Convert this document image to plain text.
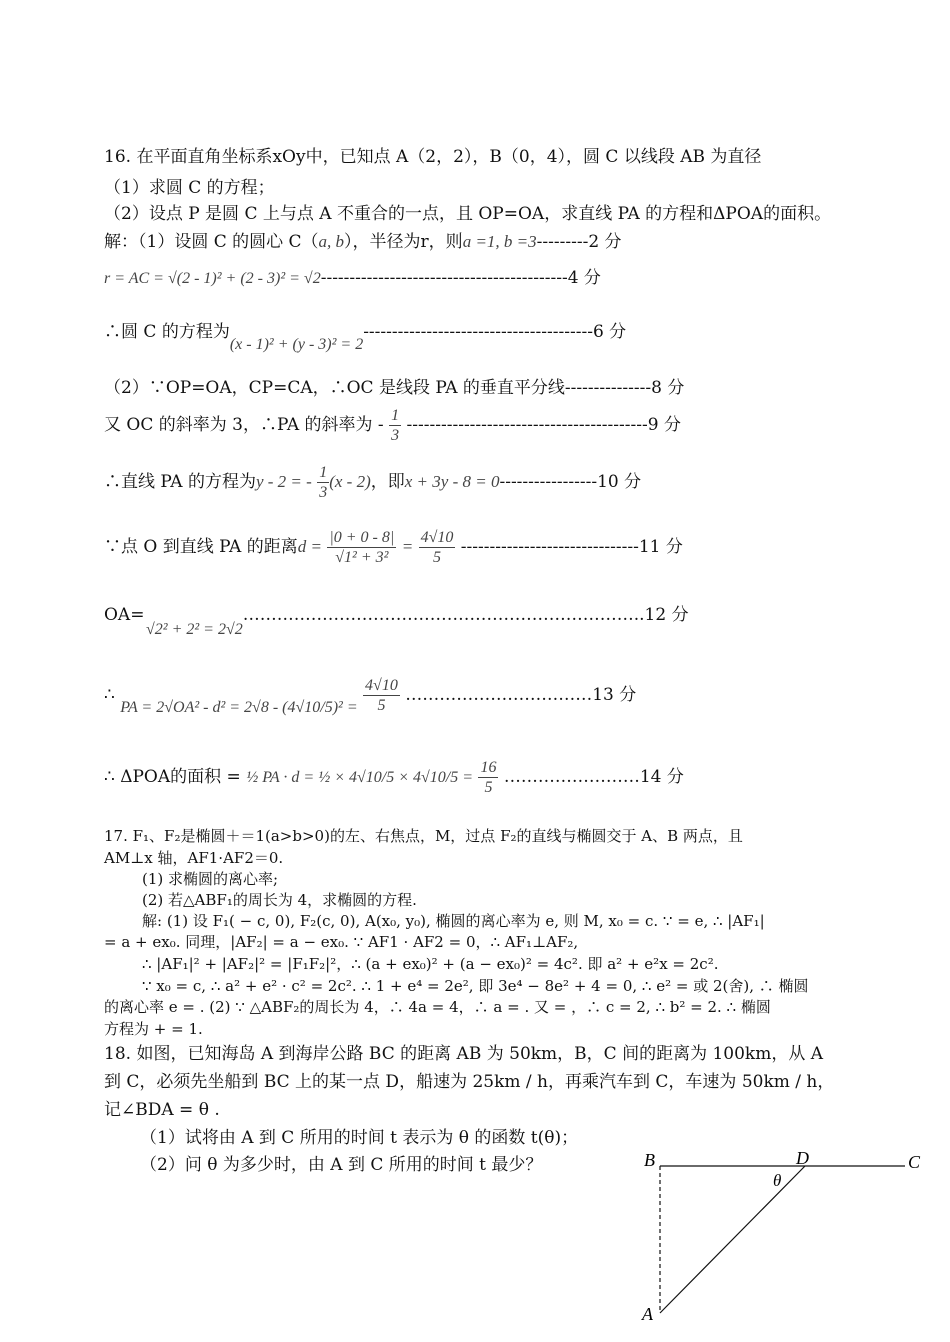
16. 在平面直角坐标系xOy中，已知点 A（2，2），B（0，4），圆 C 以线段 AB 为直径
（1）求圆 C 的方程；
（2）设点 P 是圆 C 上与点 A 不重合的一点，且 OP=OA，求直线 PA 的方程和ΔPOA的面积。
解：（1）设圆 C 的圆心 C（a, b），半径为r，则a =1, b =3---------2 分
r = AC = √(2 - 1)² + (2 - 3)² = √2-------------------------------------------4 分
∴圆 C 的方程为(x - 1)² + (y - 3)² = 2----------------------------------------6 分
（2）∵OP=OA，CP=CA，∴OC 是线段 PA 的垂直平分线---------------8 分
又 OC 的斜率为 3，∴PA 的斜率为 - $\frac{1}{3} ------------------------------------------9$ 分
∴直线 PA 的方程为y - 2 = - $\frac{1}{3} (x - 2)$，即x + 3y - 8 = 0-----------------10 分
∵点 O 到直线 PA 的距离$d = \frac{|0 + 0 - 8|}{\text{√1² + 3²}} = \frac{4√10}{5} -------------------------------11$ 分
OA=
√2² + 2² = 2√2……………………………………………………………..12 分
∴ PA = $2√OA^2 - d^2 = 2√8 - (4√10/5)^2 = \frac{4√10}{5}$ ……………………………13 分
∴ ΔPOA的面积 = ½ PA · d = ½ × $4√10/5 \times 4√10/5 = \frac{16}{5}$ ……………………14 分
17. F₁、F₂是椭圆＋＝1(a>b>0)的左、右焦点，M，过点 F₂的直线与椭圆交于 A、B 两点，且
AM⊥x 轴，AF1·AF2＝0.
(1) 求椭圆的离心率;
(2) 若△ABF₁的周长为 4，求椭圆的方程.
解: (1) 设 F₁( − c, 0), F₂(c, 0), A(x₀, y₀), 椭圆的离心率为 e, 则 M, x₀ = c. ∵ = e, ∴ |AF₁|
= a + ex₀. 同理，|AF₂| = a − ex₀. ∵ AF1 · AF2 = 0，∴ AF₁⊥AF₂,
∴ |AF₁|² + |AF₂|² = |F₁F₂|²，∴ (a + ex₀)² + (a − ex₀)² = 4c². 即 a² + e²x = 2c².
∵ x₀ = c, ∴ a² + e² · c² = 2c². ∴ 1 + e⁴ = 2e², 即 3e⁴ − 8e² + 4 = 0, ∴ e² = 或 2(舍), ∴ 椭圆
的离心率 e = . (2) ∵ △ABF₂的周长为 4，∴ 4a = 4，∴ a = . 又 = ，∴ c = 2, ∴ b² = 2. ∴ 椭圆
方程为 + = 1.
18. 如图，已知海岛 A 到海岸公路 BC 的距离 AB 为 50km，B，C 间的距离为 100km，从 A
到 C，必须先坐船到 BC 上的某一点 D，船速为 25km / h，再乘汽车到 C，车速为 50km / h，
记∠BDA = θ .
（1）试将由 A 到 C 所用的时间 t 表示为 θ 的函数 t(θ)；
（2）问 θ 为多少时，由 A 到 C 所用的时间 t 最少？	B	D	C
A
θ
